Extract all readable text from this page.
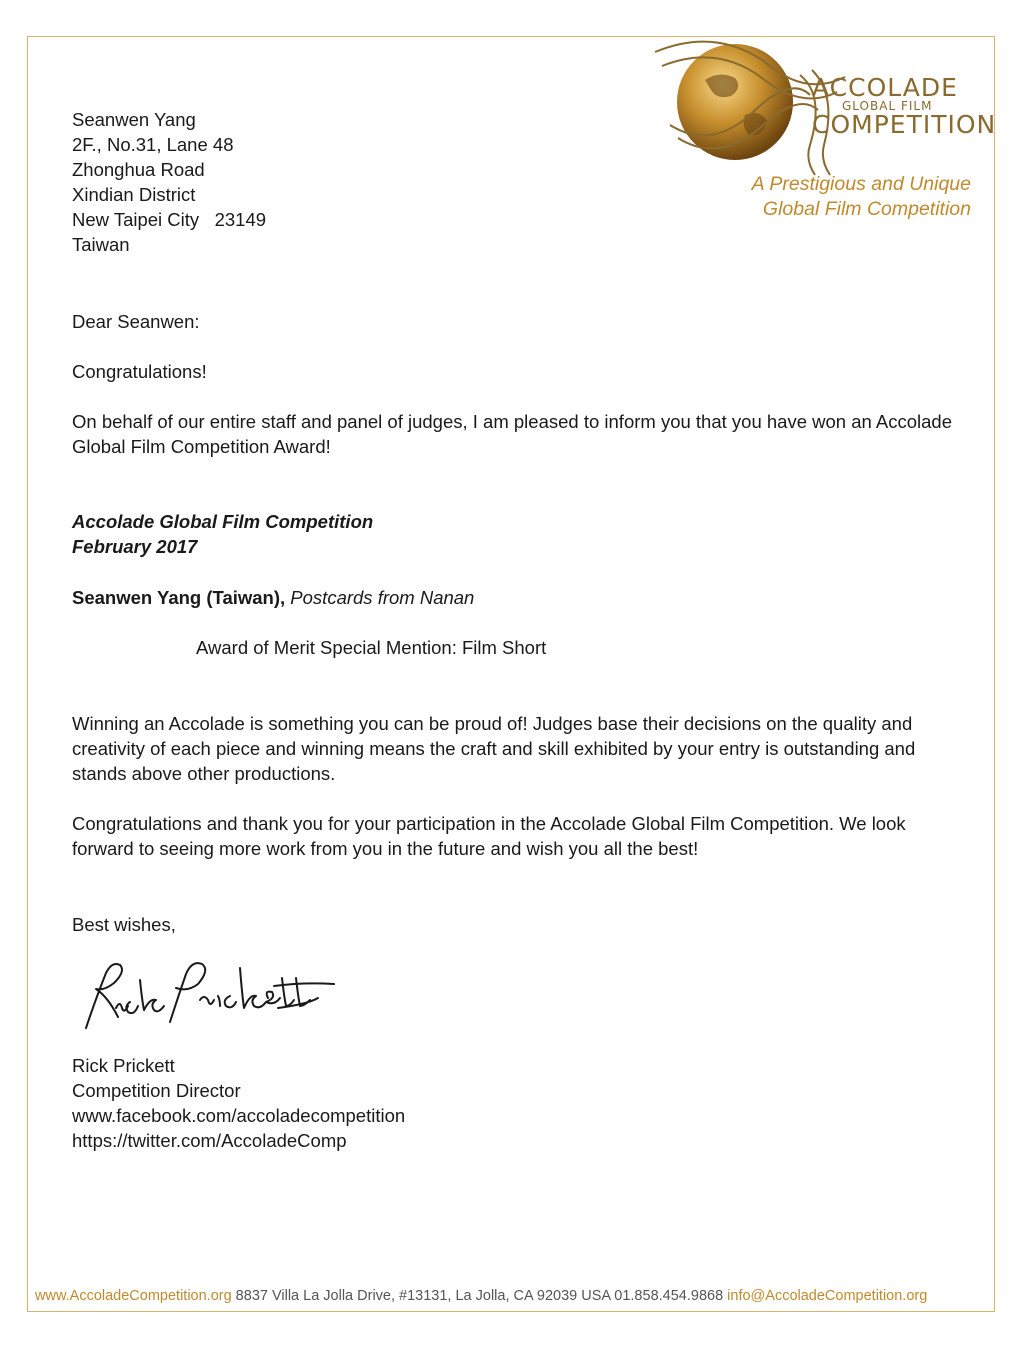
ACCOLADE
GLOBAL FILM
COMPETITION
A Prestigious and Unique
Global Film Competition
Seanwen Yang
2F., No.31, Lane 48
Zhonghua Road
Xindian District
New Taipei City   23149
Taiwan
Dear Seanwen:
Congratulations!
On behalf of our entire staff and panel of judges, I am pleased to inform you that you have won an Accolade Global Film Competition Award!
Accolade Global Film Competition
February 2017
Seanwen Yang (Taiwan), Postcards from Nanan
Award of Merit Special Mention: Film Short
Winning an Accolade is something you can be proud of! Judges base their decisions on the quality and creativity of each piece and winning means the craft and skill exhibited by your entry is outstanding and stands above other productions.
Congratulations and thank you for your participation in the Accolade Global Film Competition. We look forward to seeing more work from you in the future and wish you all the best!
Best wishes,
Rick Prickett
Competition Director
www.facebook.com/accoladecompetition
https://twitter.com/AccoladeComp
www.AccoladeCompetition.org 8837 Villa La Jolla Drive, #13131, La Jolla, CA 92039 USA 01.858.454.9868 info@AccoladeCompetition.org
